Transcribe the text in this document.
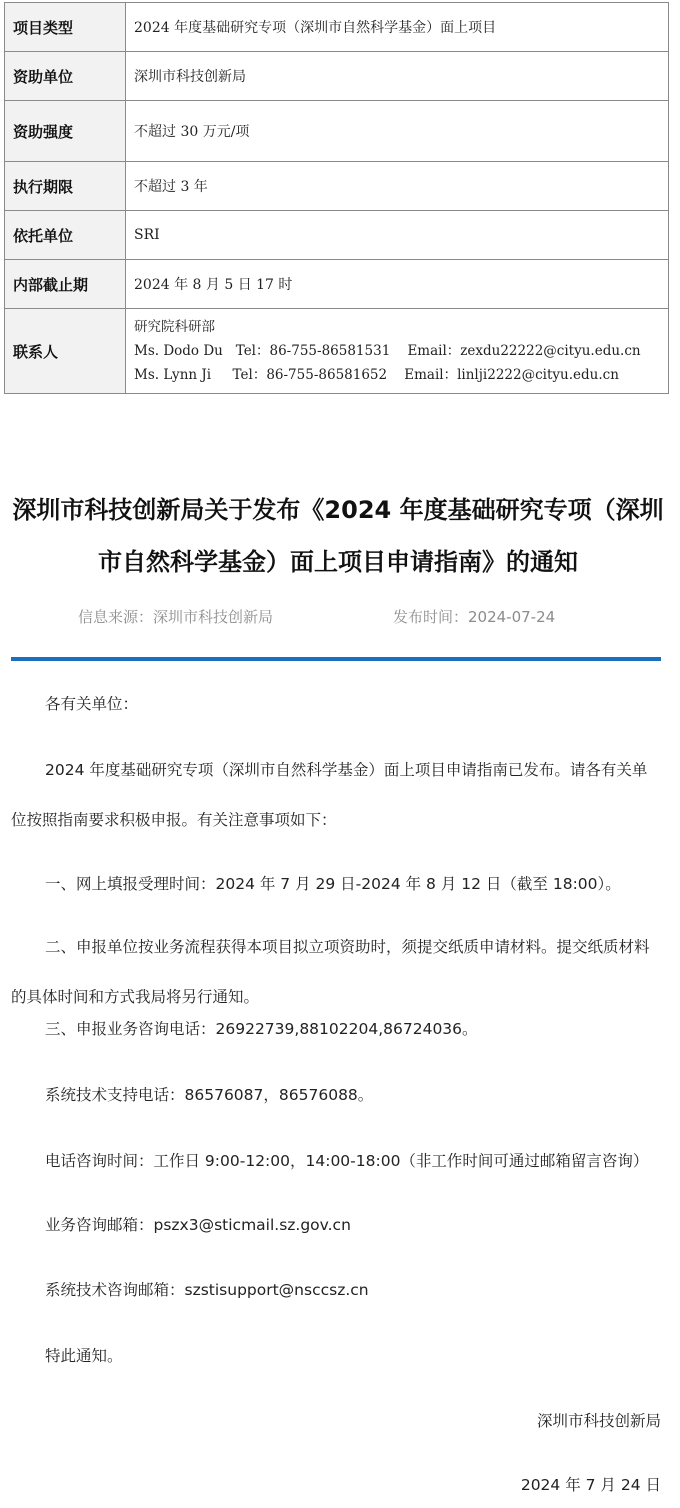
项目类型	2024 年度基础研究专项（深圳市自然科学基金）面上项目
资助单位	深圳市科技创新局
资助强度	不超过 30 万元/项
执行期限	不超过 3 年
依托单位	SRI
内部截止期	2024 年 8 月 5 日 17 时
联系人	研究院科研部
Ms. Dodo Du   Tel：86-755-86581531    Email：zexdu22222@cityu.edu.cn
Ms. Lynn Ji     Tel：86-755-86581652    Email：linlji2222@cityu.edu.cn
深圳市科技创新局关于发布《2024 年度基础研究专项（深圳市自然科学基金）面上项目申请指南》的通知
信息来源：深圳市科技创新局	发布时间：2024-07-24

各有关单位：

2024 年度基础研究专项（深圳市自然科学基金）面上项目申请指南已发布。请各有关单位按照指南要求积极申报。有关注意事项如下：

一、网上填报受理时间：2024 年 7 月 29 日-2024 年 8 月 12 日（截至 18:00）。

二、申报单位按业务流程获得本项目拟立项资助时，须提交纸质申请材料。提交纸质材料的具体时间和方式我局将另行通知。

三、申报业务咨询电话：26922739,88102204,86724036。

系统技术支持电话：86576087，86576088。

电话咨询时间：工作日 9:00-12:00，14:00-18:00（非工作时间可通过邮箱留言咨询）

业务咨询邮箱：pszx3@sticmail.sz.gov.cn

系统技术咨询邮箱：szstisupport@nsccsz.cn

特此通知。

深圳市科技创新局

2024 年 7 月 24 日
